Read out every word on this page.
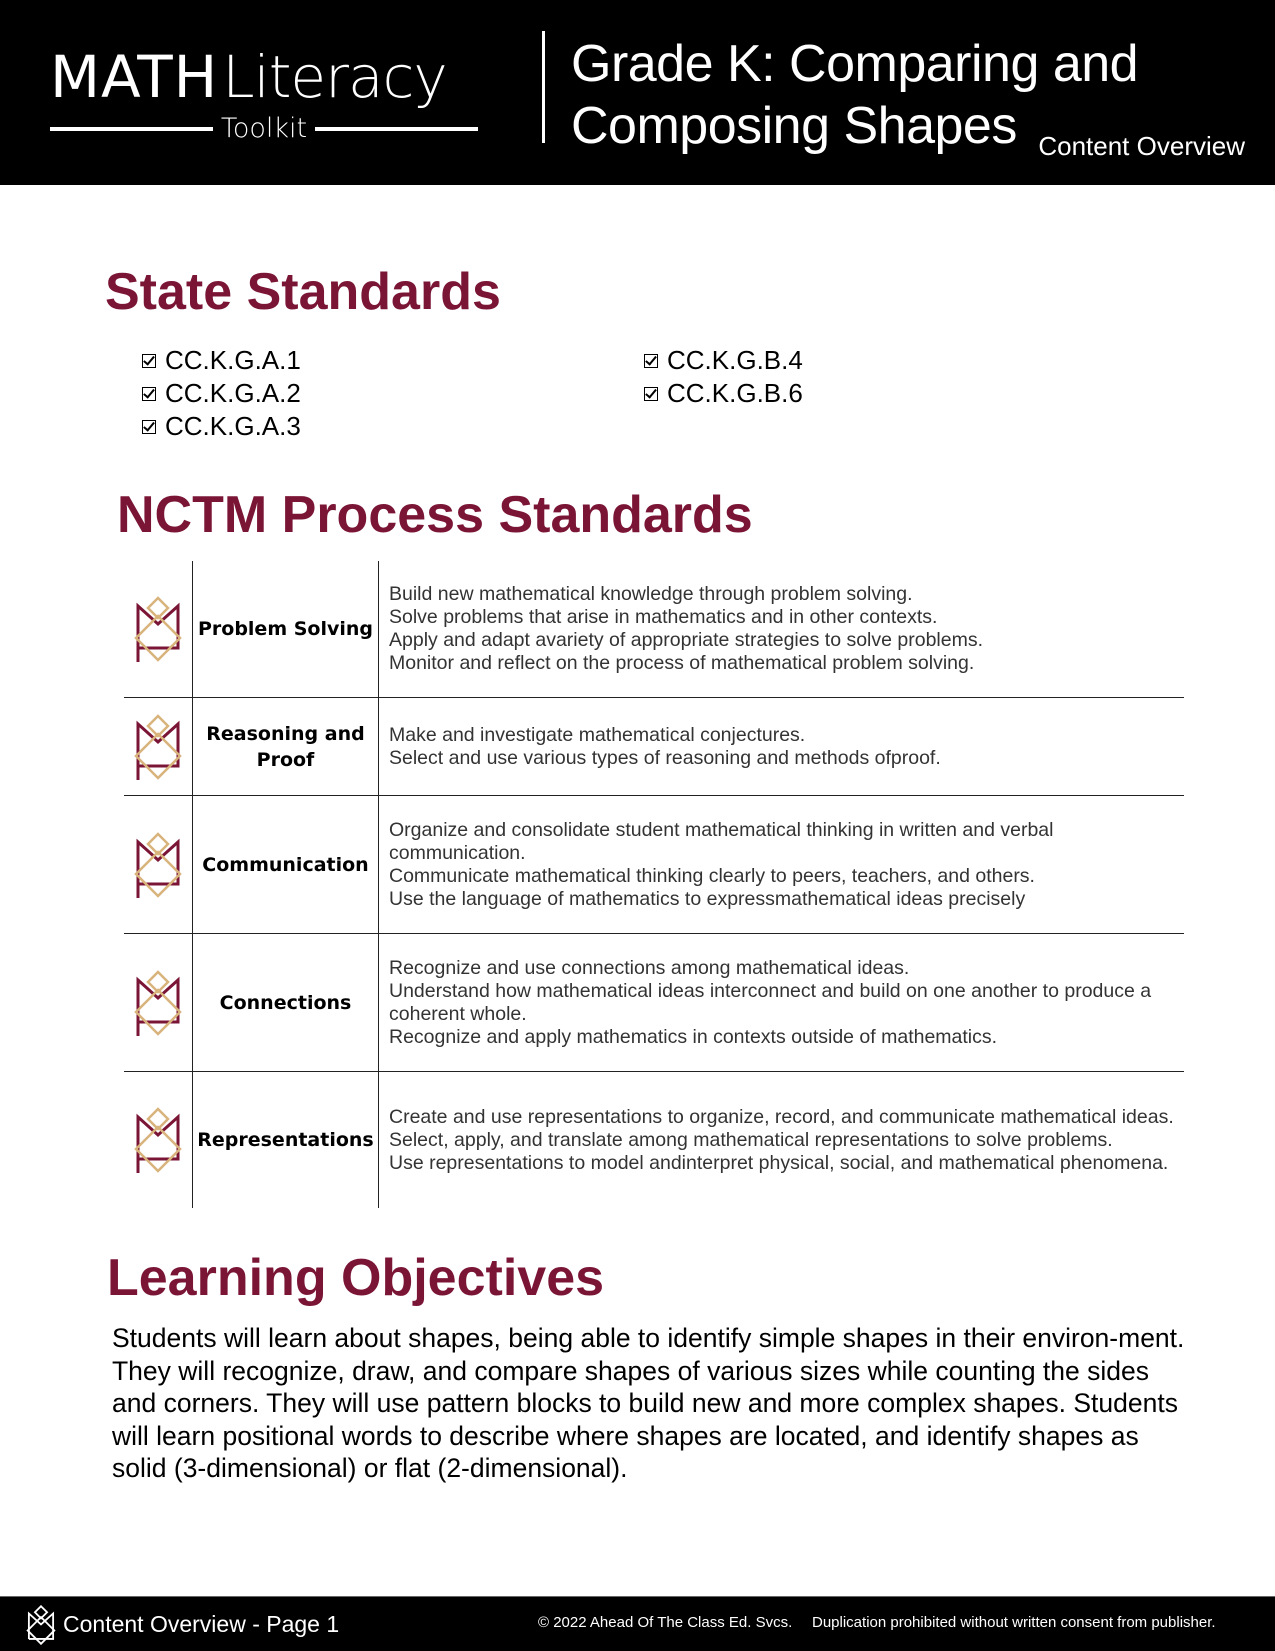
MATHLiteracy
Toolkit
Grade K: Comparing and
Composing Shapes Content Overview
State Standards
CC.K.G.A.1
CC.K.G.A.2
CC.K.G.A.3
CC.K.G.B.4
CC.K.G.B.6
NCTM Process Standards
Problem Solving
Build new mathematical knowledge through problem solving.
Solve problems that arise in mathematics and in other contexts.
Apply and adapt avariety of appropriate strategies to solve problems.
Monitor and reflect on the process of mathematical problem solving.
Reasoning and Proof
Make and investigate mathematical conjectures.
Select and use various types of reasoning and methods ofproof.
Communication
Organize and consolidate student mathematical thinking in written and verbal communication.
Communicate mathematical thinking clearly to peers, teachers, and others.
Use the language of mathematics to expressmathematical ideas precisely
Connections
Recognize and use connections among mathematical ideas.
Understand how mathematical ideas interconnect and build on one another to produce a coherent whole.
Recognize and apply mathematics in contexts outside of mathematics.
Representations
Create and use representations to organize, record, and communicate mathematical ideas.
Select, apply, and translate among mathematical representations to solve problems.
Use representations to model andinterpret physical, social, and mathematical phenomena.
Learning Objectives
Students will learn about shapes, being able to identify simple shapes in their environ-ment. They will recognize, draw, and compare shapes of various sizes while counting the sides and corners. They will use pattern blocks to build new and more complex shapes. Students will learn positional words to describe where shapes are located, and identify shapes as solid (3-dimensional) or flat (2-dimensional).
Content Overview - Page 1	© 2022 Ahead Of The Class Ed. Svcs. Duplication prohibited without written consent from publisher.
